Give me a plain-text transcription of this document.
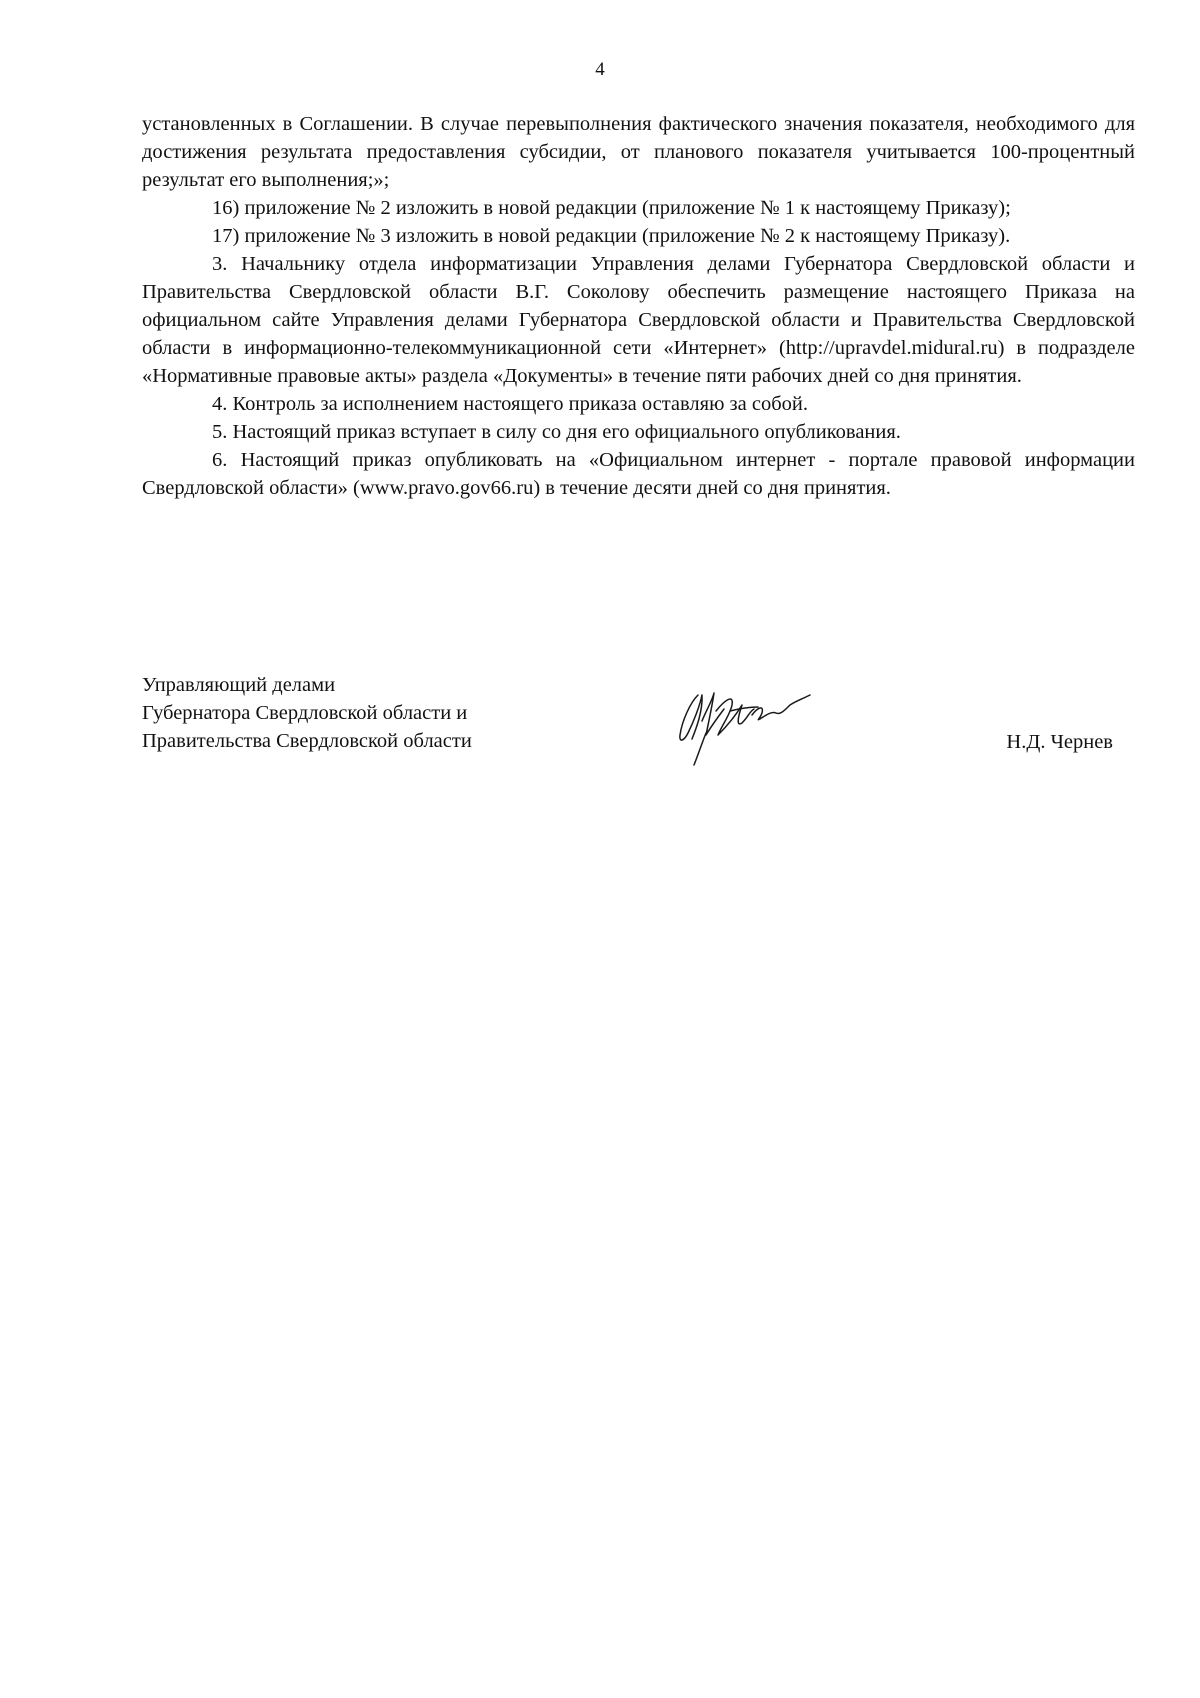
4

установленных в Соглашении. В случае перевыполнения фактического значения показателя, необходимого для достижения результата предоставления субсидии, от планового показателя учитывается 100-процентный результат его выполнения;»;

16) приложение № 2 изложить в новой редакции (приложение № 1 к настоящему Приказу);

17) приложение № 3 изложить в новой редакции (приложение № 2 к настоящему Приказу).

3. Начальнику отдела информатизации Управления делами Губернатора Свердловской области и Правительства Свердловской области В.Г. Соколову обеспечить размещение настоящего Приказа на официальном сайте Управления делами Губернатора Свердловской области и Правительства Свердловской области в информационно-телекоммуникационной сети «Интернет» (http://upravdel.midural.ru) в подразделе «Нормативные правовые акты» раздела «Документы» в течение пяти рабочих дней со дня принятия.

4. Контроль за исполнением настоящего приказа оставляю за собой.

5. Настоящий приказ вступает в силу со дня его официального опубликования.

6. Настоящий приказ опубликовать на «Официальном интернет - портале правовой информации Свердловской области» (www.pravo.gov66.ru) в течение десяти дней со дня принятия.

Управляющий делами
Губернатора Свердловской области и
Правительства Свердловской области	Н.Д. Чернев
